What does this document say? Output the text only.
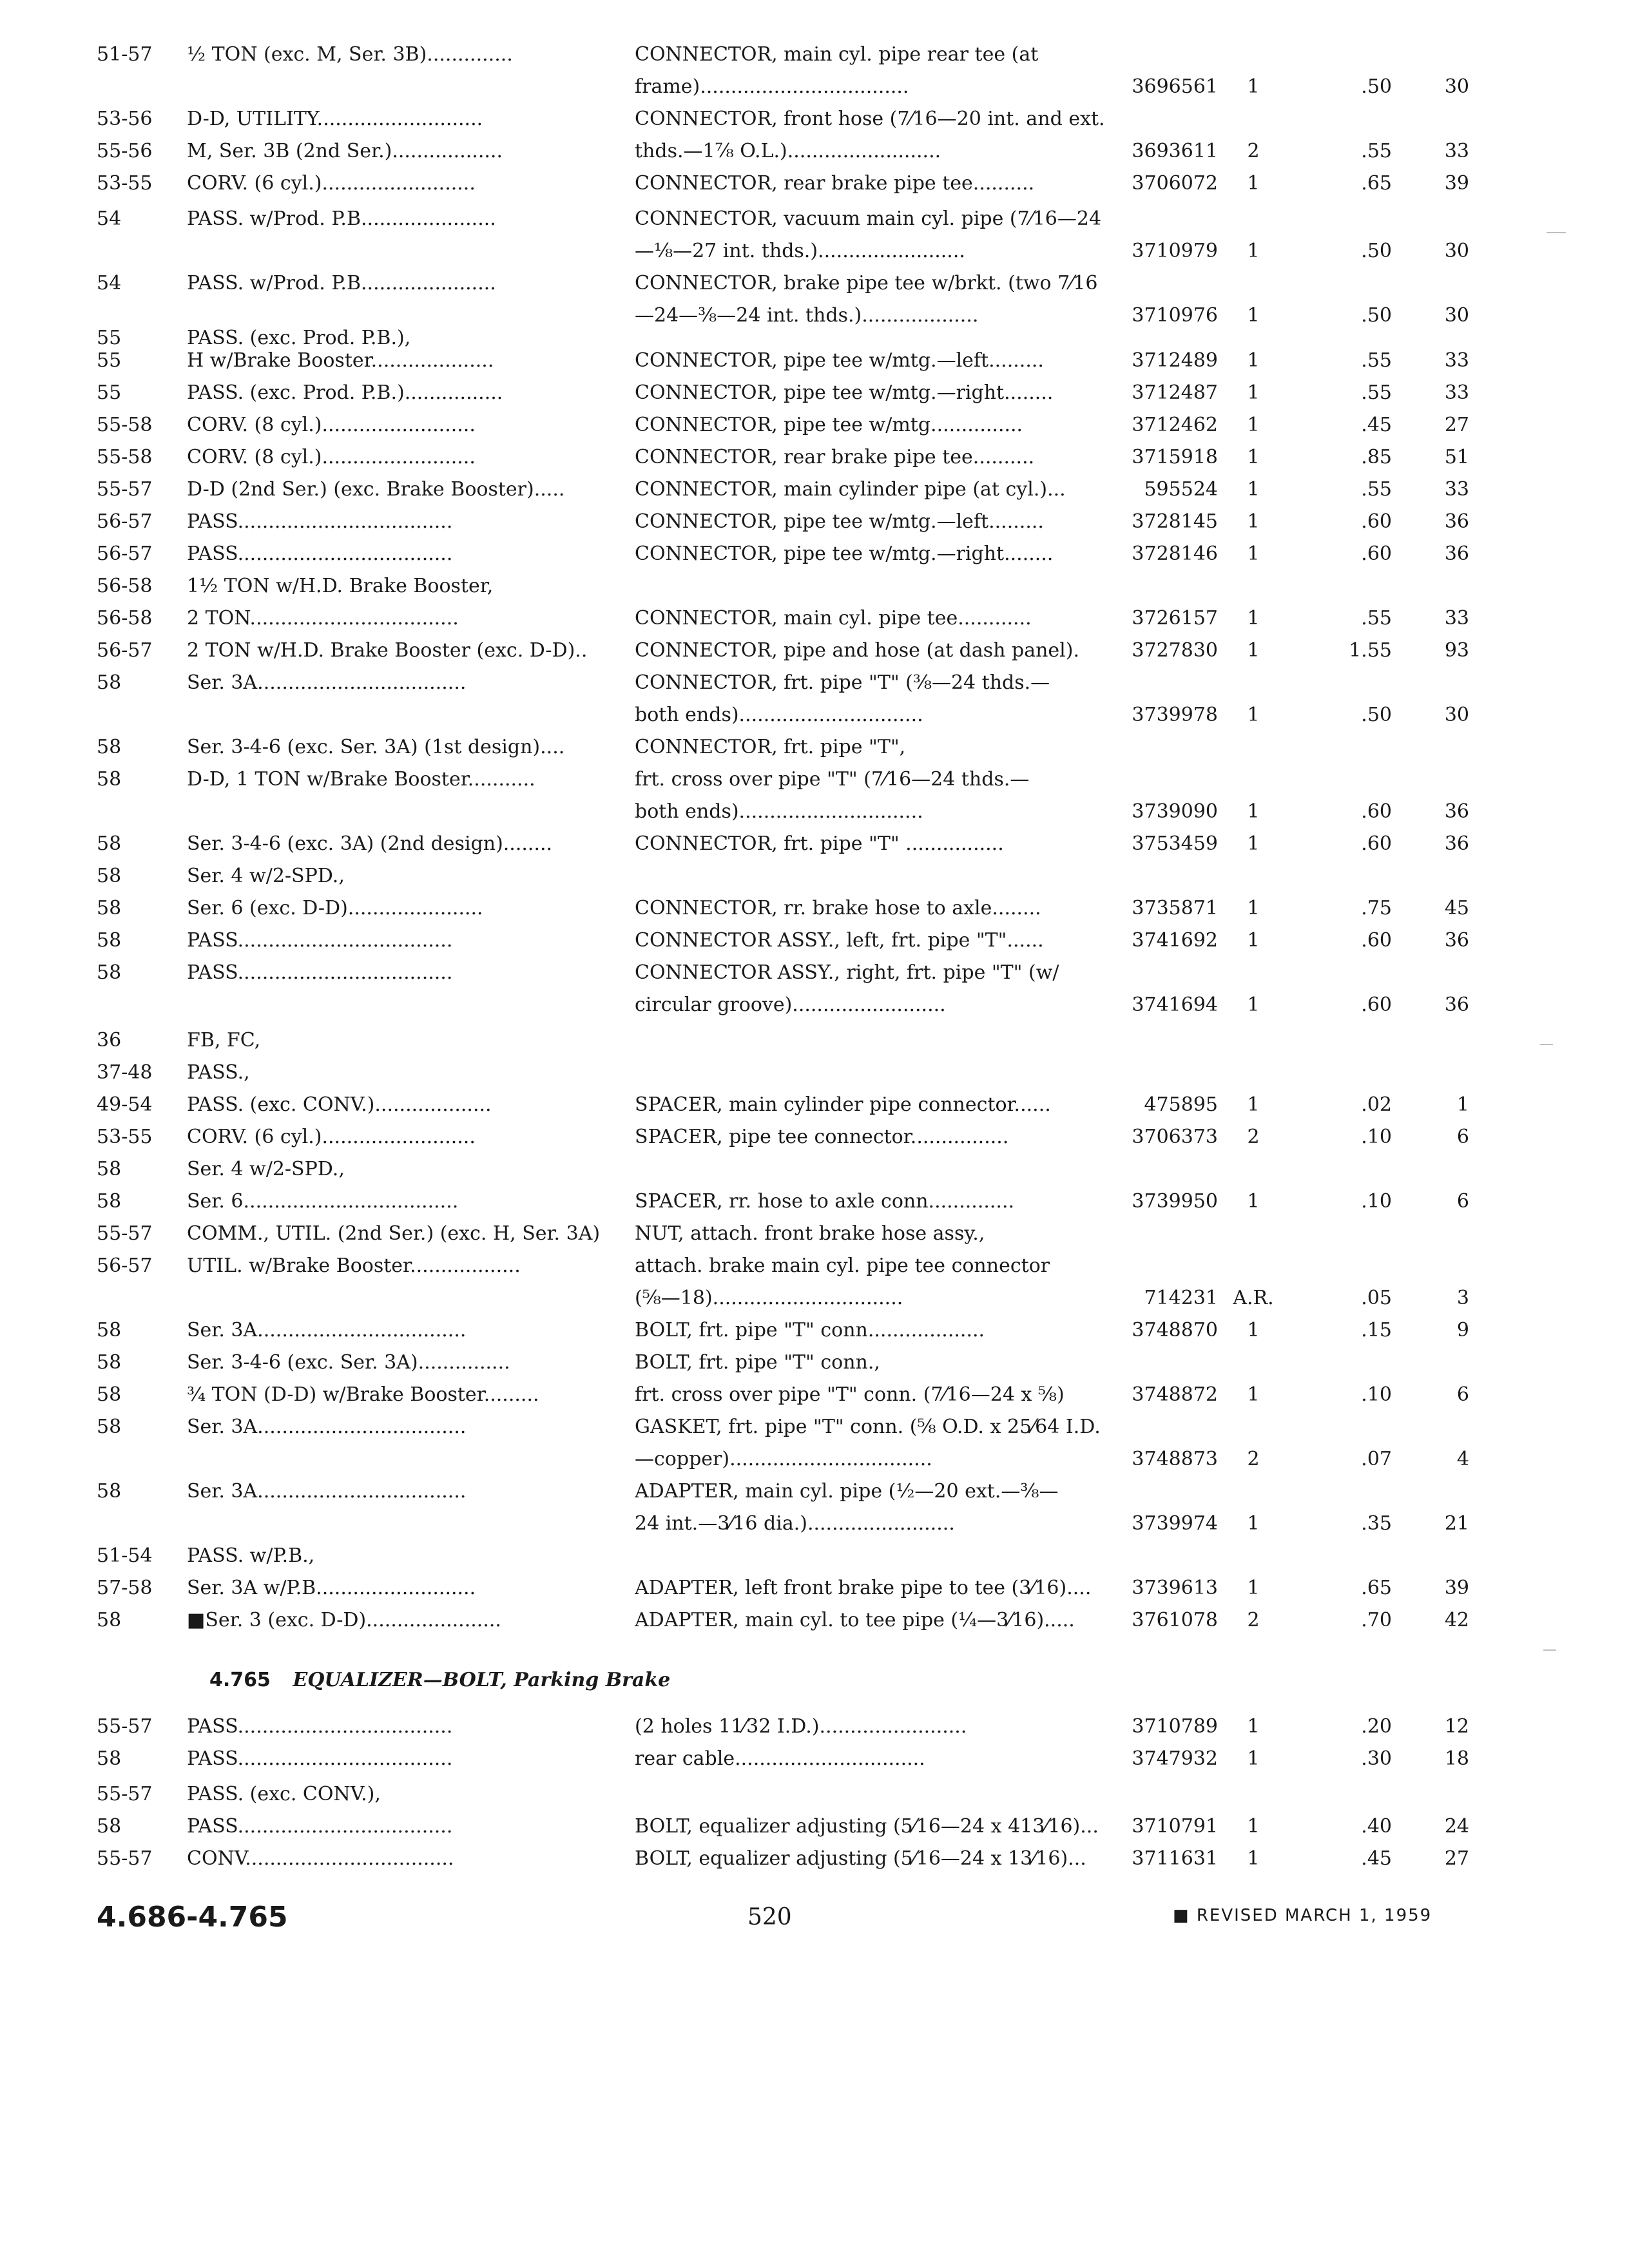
51-57	½ TON (exc. M, Ser. 3B)..............	CONNECTOR, main cyl. pipe rear tee (at
frame)..................................	3696561	1	.50	30
53-56	D-D, UTILITY...........................	CONNECTOR, front hose (7⁄16—20 int. and ext.
55-56	M, Ser. 3B (2nd Ser.)..................	thds.—1⅞ O.L.).........................	3693611	2	.55	33
53-55	CORV. (6 cyl.).........................	CONNECTOR, rear brake pipe tee..........	3706072	1	.65	39
54	PASS. w/Prod. P.B......................	CONNECTOR, vacuum main cyl. pipe (7⁄16—24
—⅛—27 int. thds.)........................	3710979	1	.50	30
54	PASS. w/Prod. P.B......................	CONNECTOR, brake pipe tee w/brkt. (two 7⁄16
—24—⅜—24 int. thds.)...................	3710976	1	.50	30
55	PASS. (exc. Prod. P.B.),
55	H w/Brake Booster....................	CONNECTOR, pipe tee w/mtg.—left.........	3712489	1	.55	33
55	PASS. (exc. Prod. P.B.)................	CONNECTOR, pipe tee w/mtg.—right........	3712487	1	.55	33
55-58	CORV. (8 cyl.).........................	CONNECTOR, pipe tee w/mtg...............	3712462	1	.45	27
55-58	CORV. (8 cyl.).........................	CONNECTOR, rear brake pipe tee..........	3715918	1	.85	51
55-57	D-D (2nd Ser.) (exc. Brake Booster).....	CONNECTOR, main cylinder pipe (at cyl.)...	595524	1	.55	33
56-57	PASS...................................	CONNECTOR, pipe tee w/mtg.—left.........	3728145	1	.60	36
56-57	PASS...................................	CONNECTOR, pipe tee w/mtg.—right........	3728146	1	.60	36
56-58	1½ TON w/H.D. Brake Booster,
56-58	2 TON..................................	CONNECTOR, main cyl. pipe tee............	3726157	1	.55	33
56-57	2 TON w/H.D. Brake Booster (exc. D-D)..	CONNECTOR, pipe and hose (at dash panel).	3727830	1	1.55	93
58	Ser. 3A..................................	CONNECTOR, frt. pipe "T" (⅜—24 thds.—
both ends)..............................	3739978	1	.50	30
58	Ser. 3-4-6 (exc. Ser. 3A) (1st design)....	CONNECTOR, frt. pipe "T",
58	D-D, 1 TON w/Brake Booster...........	frt. cross over pipe "T" (7⁄16—24 thds.—
both ends)..............................	3739090	1	.60	36
58	Ser. 3-4-6 (exc. 3A) (2nd design)........	CONNECTOR, frt. pipe "T" ................	3753459	1	.60	36
58	Ser. 4 w/2-SPD.,
58	Ser. 6 (exc. D-D)......................	CONNECTOR, rr. brake hose to axle........	3735871	1	.75	45
58	PASS...................................	CONNECTOR ASSY., left, frt. pipe "T"......	3741692	1	.60	36
58	PASS...................................	CONNECTOR ASSY., right, frt. pipe "T" (w/
circular groove).........................	3741694	1	.60	36
36	FB, FC,
37-48	PASS.,
49-54	PASS. (exc. CONV.)...................	SPACER, main cylinder pipe connector......	475895	1	.02	1
53-55	CORV. (6 cyl.).........................	SPACER, pipe tee connector................	3706373	2	.10	6
58	Ser. 4 w/2-SPD.,
58	Ser. 6...................................	SPACER, rr. hose to axle conn..............	3739950	1	.10	6
55-57	COMM., UTIL. (2nd Ser.) (exc. H, Ser. 3A) NUT, attach. front brake hose assy.,
56-57	UTIL. w/Brake Booster..................	attach. brake main cyl. pipe tee connector
(⅝—18)...............................	714231 A.R.	.05	3
58	Ser. 3A..................................	BOLT, frt. pipe "T" conn...................	3748870	1	.15	9
58	Ser. 3-4-6 (exc. Ser. 3A)...............	BOLT, frt. pipe "T" conn.,
58	¾ TON (D-D) w/Brake Booster.........	frt. cross over pipe "T" conn. (7⁄16—24 x ⅝)	3748872	1	.10	6
58	Ser. 3A..................................	GASKET, frt. pipe "T" conn. (⅝ O.D. x 25⁄64 I.D.
—copper).................................	3748873	2	.07	4
58	Ser. 3A..................................	ADAPTER, main cyl. pipe (½—20 ext.—⅜—
24 int.—3⁄16 dia.)........................	3739974	1	.35	21
51-54	PASS. w/P.B.,
57-58	Ser. 3A w/P.B..........................	ADAPTER, left front brake pipe to tee (3⁄16)....	3739613	1	.65	39
58	■Ser. 3 (exc. D-D)......................	ADAPTER, main cyl. to tee pipe (¼—3⁄16).....	3761078	2	.70	42
4.765 EQUALIZER—BOLT, Parking Brake
55-57	PASS...................................	(2 holes 11⁄32 I.D.)........................	3710789	1	.20	12
58	PASS...................................	rear cable...............................	3747932	1	.30	18
55-57	PASS. (exc. CONV.),
58	PASS...................................	BOLT, equalizer adjusting (5⁄16—24 x 413⁄16)...	3710791	1	.40	24
55-57	CONV..................................	BOLT, equalizer adjusting (5⁄16—24 x 13⁄16)...	3711631	1	.45	27
4.686-4.765	520	■ REVISED MARCH 1, 1959
